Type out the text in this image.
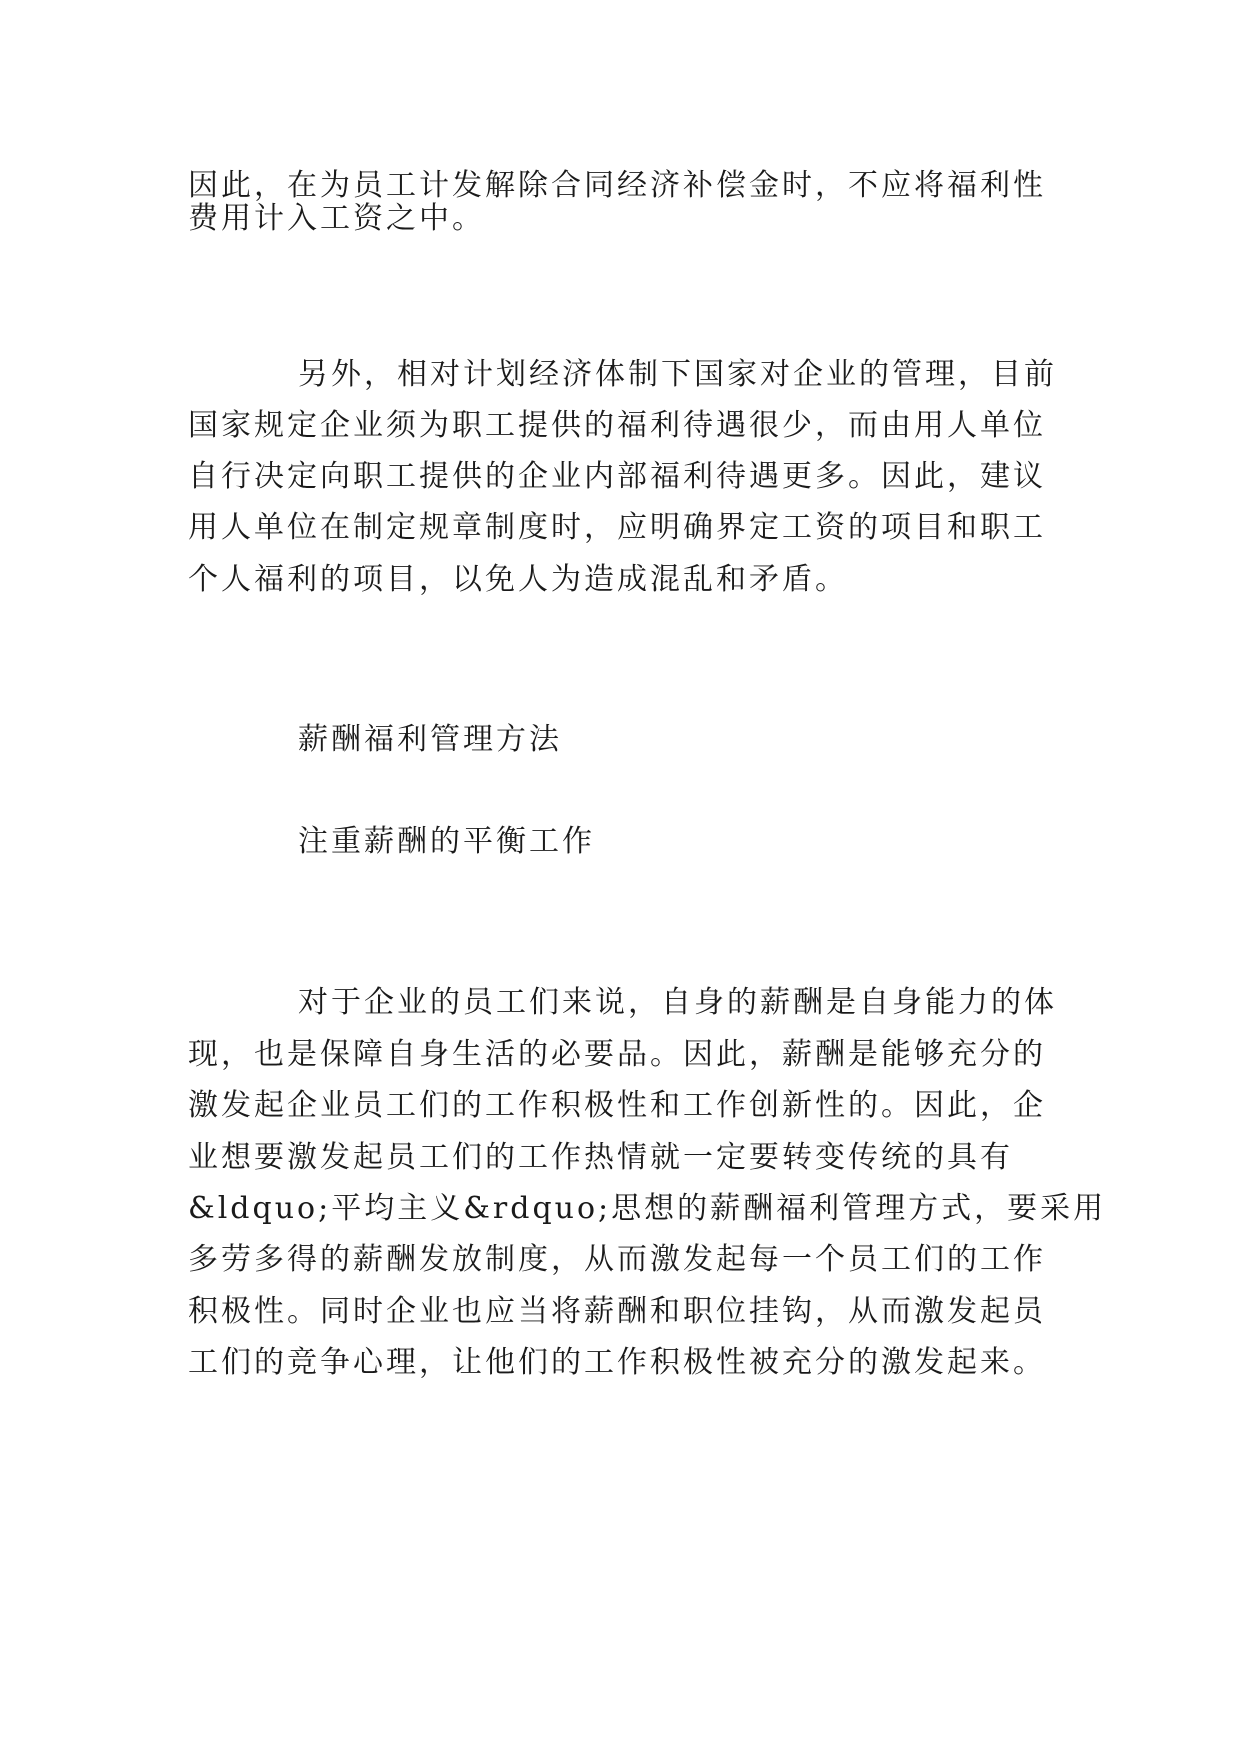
因此，在为员工计发解除合同经济补偿金时，不应将福利性
费用计入工资之中。
另外，相对计划经济体制下国家对企业的管理，目前
国家规定企业须为职工提供的福利待遇很少，而由用人单位
自行决定向职工提供的企业内部福利待遇更多。因此，建议
用人单位在制定规章制度时，应明确界定工资的项目和职工
个人福利的项目，以免人为造成混乱和矛盾。
薪酬福利管理方法
注重薪酬的平衡工作
对于企业的员工们来说，自身的薪酬是自身能力的体
现，也是保障自身生活的必要品。因此，薪酬是能够充分的
激发起企业员工们的工作积极性和工作创新性的。因此，企
业想要激发起员工们的工作热情就一定要转变传统的具有
&ldquo;平均主义&rdquo;思想的薪酬福利管理方式，要采用
多劳多得的薪酬发放制度，从而激发起每一个员工们的工作
积极性。同时企业也应当将薪酬和职位挂钩，从而激发起员
工们的竞争心理，让他们的工作积极性被充分的激发起来。
